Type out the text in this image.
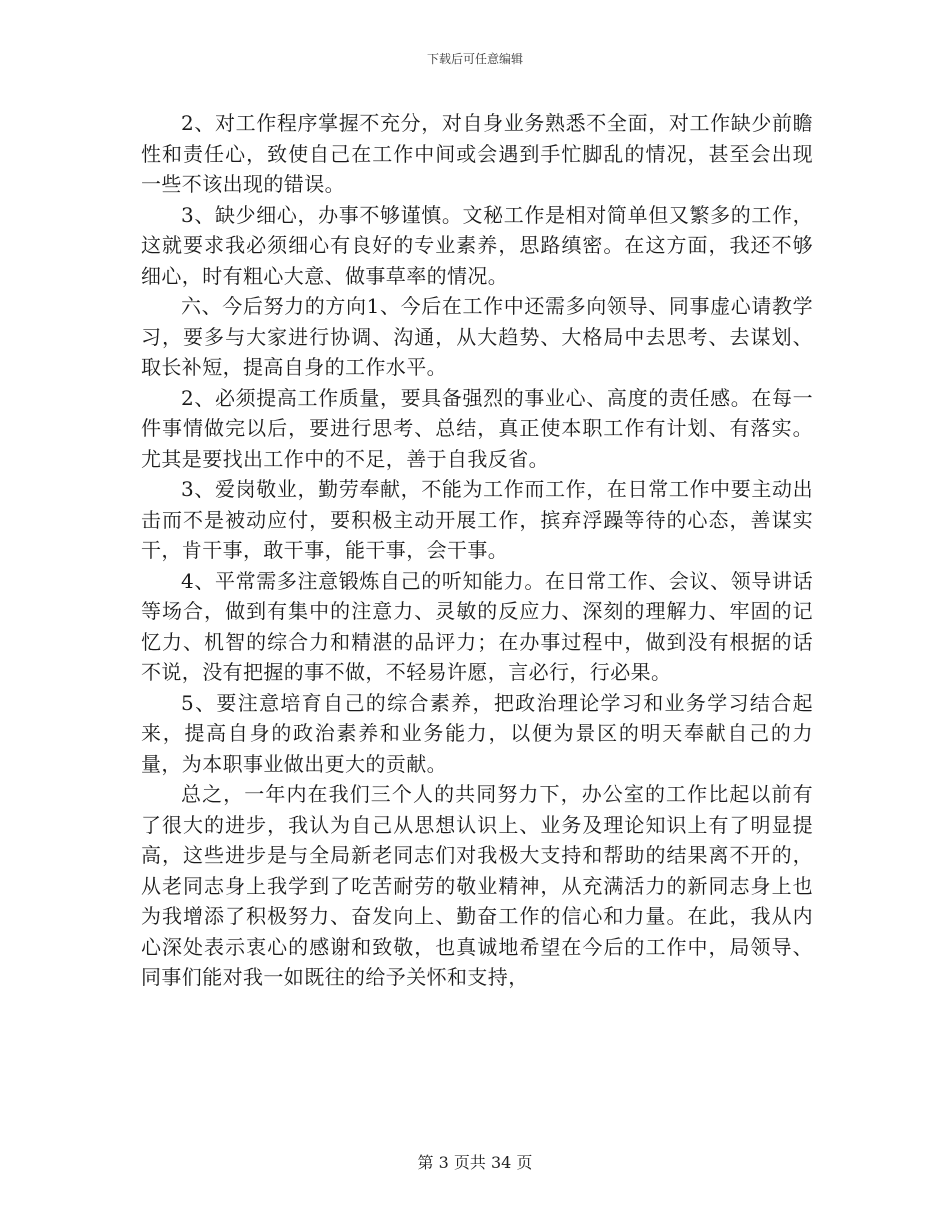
下载后可任意编辑

2、对工作程序掌握不充分，对自身业务熟悉不全面，对工作缺少前瞻性和责任心，致使自己在工作中间或会遇到手忙脚乱的情况，甚至会出现一些不该出现的错误。

3、缺少细心，办事不够谨慎。文秘工作是相对简单但又繁多的工作，这就要求我必须细心有良好的专业素养，思路缜密。在这方面，我还不够细心，时有粗心大意、做事草率的情况。

六、今后努力的方向1、今后在工作中还需多向领导、同事虚心请教学习，要多与大家进行协调、沟通，从大趋势、大格局中去思考、去谋划、取长补短，提高自身的工作水平。

2、必须提高工作质量，要具备强烈的事业心、高度的责任感。在每一件事情做完以后，要进行思考、总结，真正使本职工作有计划、有落实。尤其是要找出工作中的不足，善于自我反省。

3、爱岗敬业，勤劳奉献，不能为工作而工作，在日常工作中要主动出击而不是被动应付，要积极主动开展工作，摈弃浮躁等待的心态，善谋实干，肯干事，敢干事，能干事，会干事。

4、平常需多注意锻炼自己的听知能力。在日常工作、会议、领导讲话等场合，做到有集中的注意力、灵敏的反应力、深刻的理解力、牢固的记忆力、机智的综合力和精湛的品评力；在办事过程中，做到没有根据的话不说，没有把握的事不做，不轻易许愿，言必行，行必果。

5、要注意培育自己的综合素养，把政治理论学习和业务学习结合起来，提高自身的政治素养和业务能力，以便为景区的明天奉献自己的力量，为本职事业做出更大的贡献。

总之，一年内在我们三个人的共同努力下，办公室的工作比起以前有了很大的进步，我认为自己从思想认识上、业务及理论知识上有了明显提高，这些进步是与全局新老同志们对我极大支持和帮助的结果离不开的，从老同志身上我学到了吃苦耐劳的敬业精神，从充满活力的新同志身上也为我增添了积极努力、奋发向上、勤奋工作的信心和力量。在此，我从内心深处表示衷心的感谢和致敬，也真诚地希望在今后的工作中，局领导、同事们能对我一如既往的给予关怀和支持，

第 3 页共 34 页
